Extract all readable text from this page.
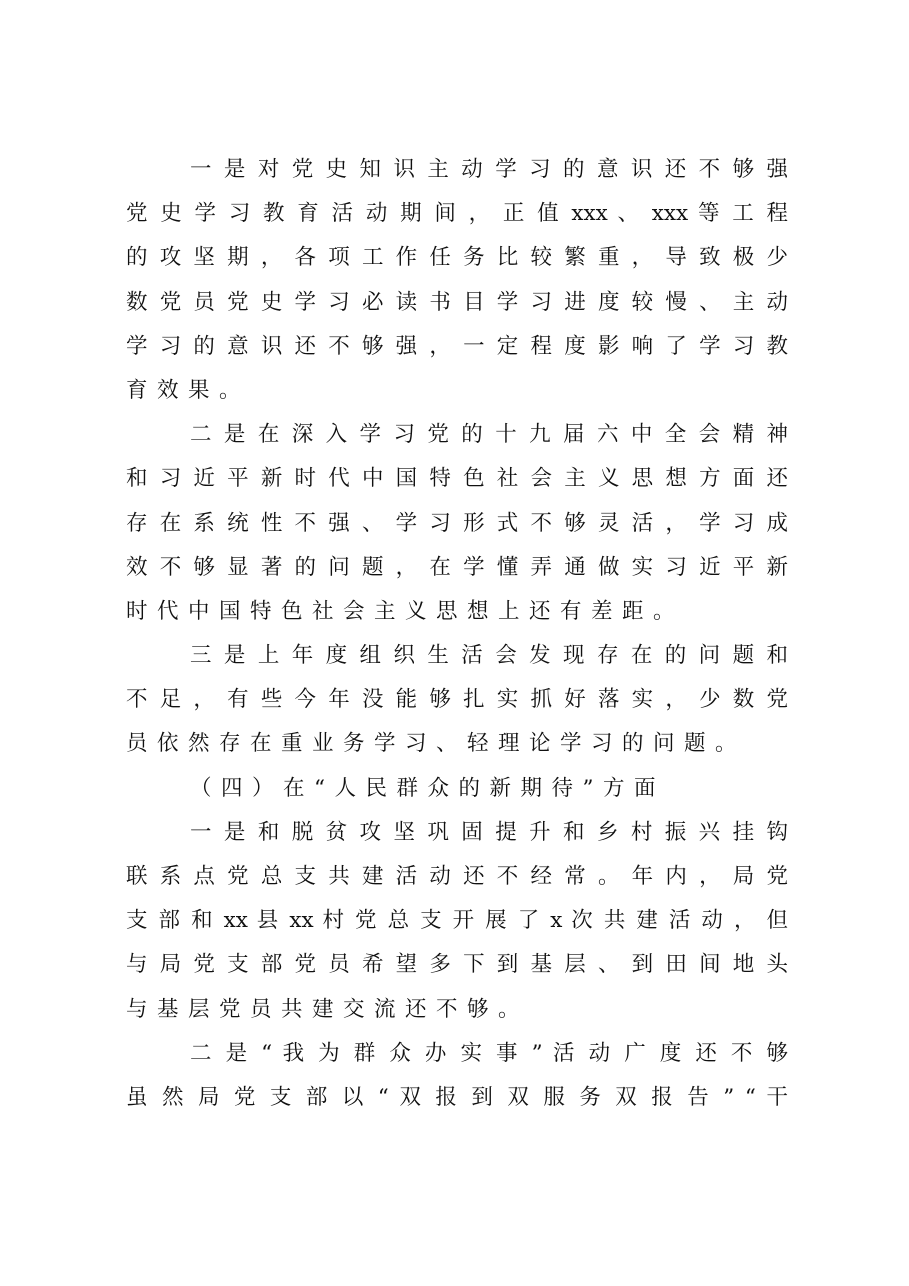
一 是 对 党 史 知 识 主 动 学 习 的 意 识 还 不 够 强
党 史 学 习 教 育 活 动 期 间 ， 正 值 xxx 、 xxx 等 工 程
的 攻 坚 期 ， 各 项 工 作 任 务 比 较 繁 重 ， 导 致 极 少
数 党 员 党 史 学 习 必 读 书 目 学 习 进 度 较 慢 、 主 动
学 习 的 意 识 还 不 够 强 ， 一 定 程 度 影 响 了 学 习 教
育效果。
二 是 在 深 入 学 习 党 的 十 九 届 六 中 全 会 精 神
和 习 近 平 新 时 代 中 国 特 色 社 会 主 义 思 想 方 面 还
存 在 系 统 性 不 强 、 学 习 形 式 不 够 灵 活 ， 学 习 成
效 不 够 显 著 的 问 题 ， 在 学 懂 弄 通 做 实 习 近 平 新
时代中国特色社会主义思想上还有差距。
三 是 上 年 度 组 织 生 活 会 发 现 存 在 的 问 题 和
不 足 ， 有 些 今 年 没 能 够 扎 实 抓 好 落 实 ， 少 数 党
员依然存在重业务学习、轻理论学习的问题。
（四）在“人民群众的新期待”方面
一 是 和 脱 贫 攻 坚 巩 固 提 升 和 乡 村 振 兴 挂 钩
联 系 点 党 总 支 共 建 活 动 还 不 经 常 。 年 内 ， 局 党
支 部 和 xx 县 xx 村 党 总 支 开 展 了 x 次 共 建 活 动 ， 但
与 局 党 支 部 党 员 希 望 多 下 到 基 层 、 到 田 间 地 头
与基层党员共建交流还不够。
二 是 “ 我 为 群 众 办 实 事 ” 活 动 广 度 还 不 够
虽 然 局 党 支 部 以 “ 双 报 到 双 服 务 双 报 告 ” “ 干
